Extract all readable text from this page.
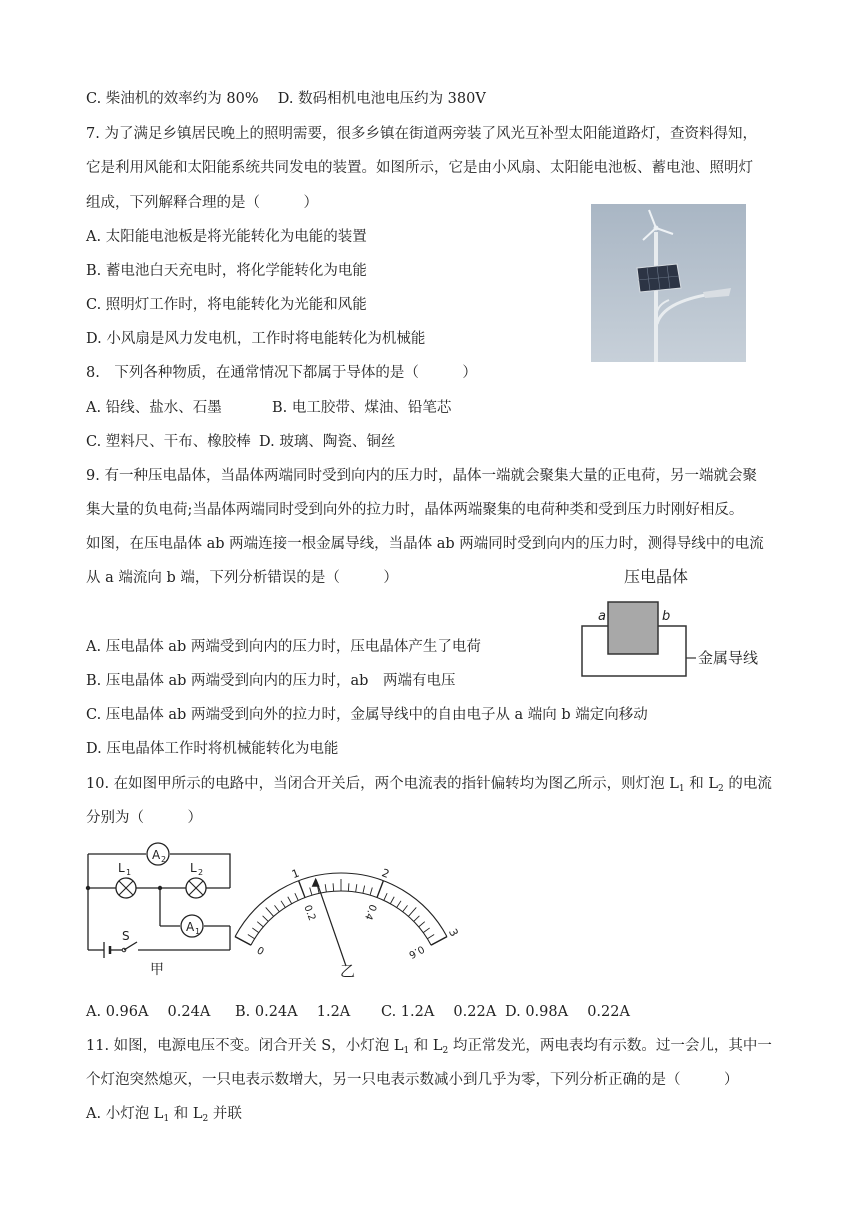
C. 柴油机的效率约为 80%　 D. 数码相机电池电压约为 380V
7. 为了满足乡镇居民晚上的照明需要，很多乡镇在街道两旁装了风光互补型太阳能道路灯，查资料得知，
它是利用风能和太阳能系统共同发电的装置。如图所示，它是由小风扇、太阳能电池板、蓄电池、照明灯
组成，下列解释合理的是（　　　）
A. 太阳能电池板是将光能转化为电能的装置
B. 蓄电池白天充电时，将化学能转化为电能
C. 照明灯工作时，将电能转化为光能和风能
D. 小风扇是风力发电机，工作时将电能转化为机械能
8.　下列各种物质，在通常情况下都属于导体的是（　　　）
A. 铅线、盐水、石墨	B. 电工胶带、煤油、铅笔芯
C. 塑料尺、干布、橡胶棒 D. 玻璃、陶瓷、铜丝
9. 有一种压电晶体，当晶体两端同时受到向内的压力时，晶体一端就会聚集大量的正电荷，另一端就会聚
集大量的负电荷;当晶体两端同时受到向外的拉力时，晶体两端聚集的电荷种类和受到压力时刚好相反。
如图，在压电晶体 ab 两端连接一根金属导线，当晶体 ab 两端同时受到向内的压力时，测得导线中的电流
从 a 端流向 b 端，下列分析错误的是（　　　）
A. 压电晶体 ab 两端受到向内的压力时，压电晶体产生了电荷
B. 压电晶体 ab 两端受到向内的压力时，ab　两端有电压
C. 压电晶体 ab 两端受到向外的拉力时，金属导线中的自由电子从 a 端向 b 端定向移动
D. 压电晶体工作时将机械能转化为电能
压电晶体
a	b
金属导线
10. 在如图甲所示的电路中，当闭合开关后，两个电流表的指针偏转均为图乙所示，则灯泡 $L_1$ 和 $L_2$ 的电流
分别为（　　　）
S
A 2
L 1	L 2
A 1
甲	乙
1	2
3
0
0.2	0.4
0.6
A. 0.96A　 0.24A B. 0.24A　 1.2A C. 1.2A　 0.22A D. 0.98A　 0.22A
11. 如图，电源电压不变。闭合开关 S，小灯泡 $L_1$ 和 $L_2$ 均正常发光，两电表均有示数。过一会儿，其中一
个灯泡突然熄灭，一只电表示数增大，另一只电表示数减小到几乎为零，下列分析正确的是（　　　）
A. 小灯泡 $L_1$ 和 $L_2$ 并联
